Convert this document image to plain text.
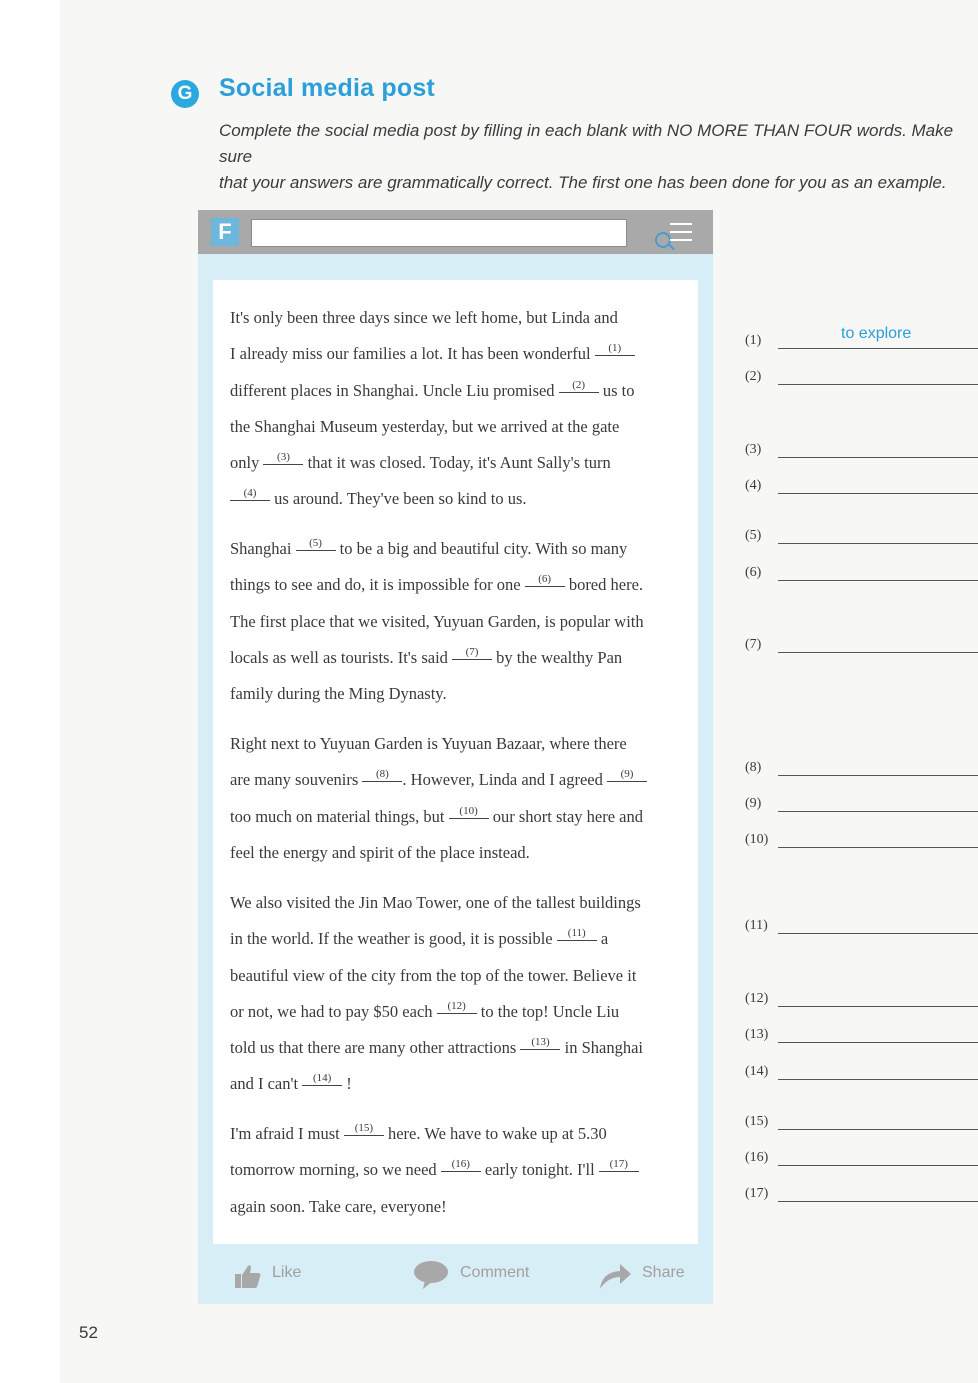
G Social media post
Complete the social media post by filling in each blank with NO MORE THAN FOUR words. Make sure
that your answers are grammatically correct. The first one has been done for you as an example.
F
It's only been three days since we left home, but Linda and
I already miss our families a lot. It has been wonderful (1)
different places in Shanghai. Uncle Liu promised (2) us to
the Shanghai Museum yesterday, but we arrived at the gate
only (3) that it was closed. Today, it's Aunt Sally's turn
(4) us around. They've been so kind to us.
Shanghai (5) to be a big and beautiful city. With so many
things to see and do, it is impossible for one (6) bored here.
The first place that we visited, Yuyuan Garden, is popular with
locals as well as tourists. It's said (7) by the wealthy Pan
family during the Ming Dynasty.
Right next to Yuyuan Garden is Yuyuan Bazaar, where there
are many souvenirs (8) . However, Linda and I agreed (9)
too much on material things, but (10) our short stay here and
feel the energy and spirit of the place instead.
We also visited the Jin Mao Tower, one of the tallest buildings
in the world. If the weather is good, it is possible (11) a
beautiful view of the city from the top of the tower. Believe it
or not, we had to pay $50 each (12) to the top! Uncle Liu
told us that there are many other attractions (13) in Shanghai
and I can't (14) !
I'm afraid I must (15) here. We have to wake up at 5.30
tomorrow morning, so we need (16) early tonight. I'll (17)
again soon. Take care, everyone!
Like	Comment	Share
(1)	to explore
(2)
(3)
(4)
(5)
(6)
(7)
(8)
(9)
(10)
(11)
(12)
(13)
(14)
(15)
(16)
(17)
52
